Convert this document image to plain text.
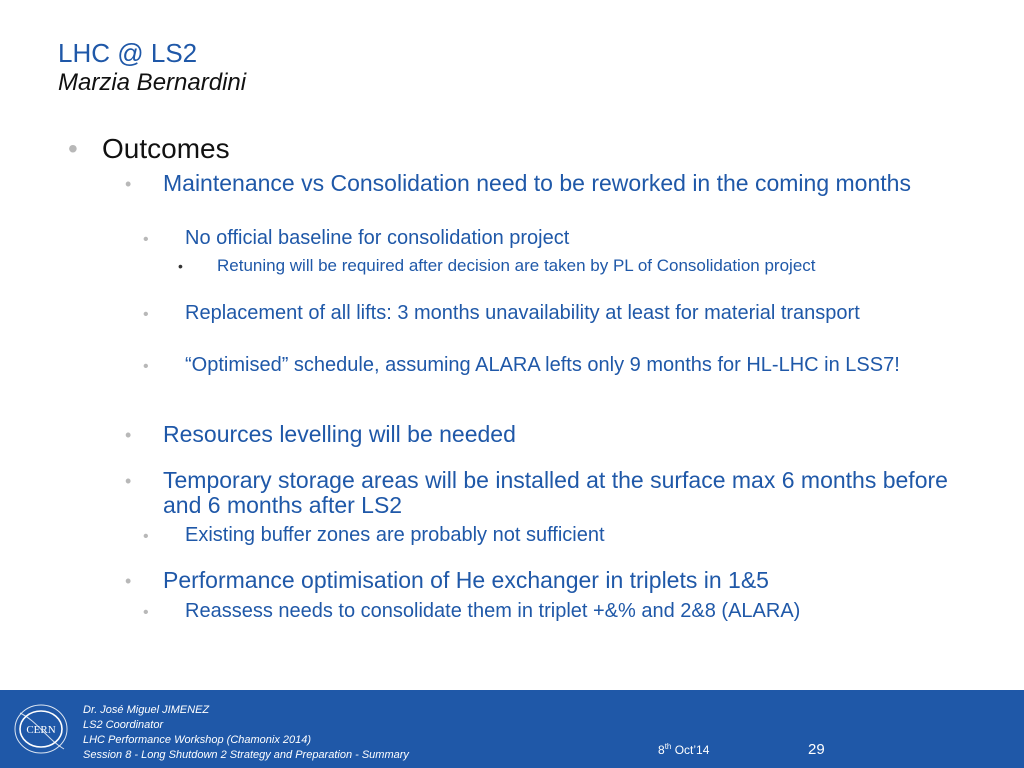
LHC @ LS2
Marzia Bernardini
• Outcomes
•	Maintenance vs Consolidation need to be reworked in the coming months
•	No official baseline for consolidation project
•	Retuning will be required after decision are taken by PL of Consolidation project
•	Replacement of all lifts: 3 months unavailability at least for material transport
•	“Optimised” schedule, assuming ALARA lefts only 9 months for HL-LHC in LSS7!
•	Resources levelling will be needed
•	Temporary storage areas will be installed at the surface max 6 months before and 6 months after LS2
•	Existing buffer zones are probably not sufficient
•	Performance optimisation of He exchanger in triplets in 1&5
•	Reassess needs to consolidate them in triplet +&% and 2&8 (ALARA)
CERN
Dr. José Miguel JIMENEZ
LS2 Coordinator
LHC Performance Workshop (Chamonix 2014)
Session 8 - Long Shutdown 2 Strategy and Preparation - Summary	8th Oct’14	29
